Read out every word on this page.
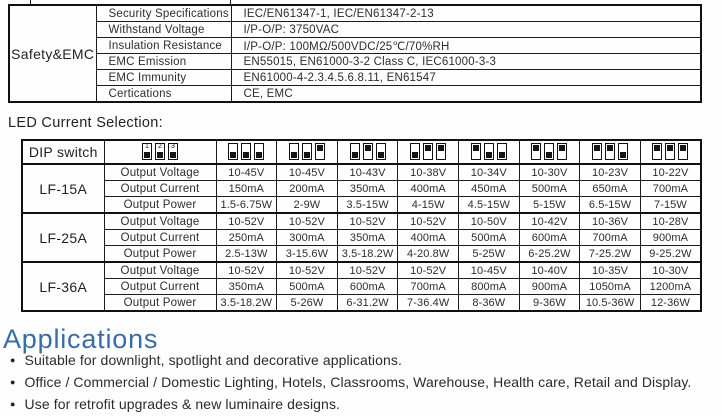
Safety&EMC	Security Specifications	IEC/EN61347-1, IEC/EN61347-2-13
	Withstand Voltage	I/P-O/P: 3750VAC
	Insulation Resistance	I/P-O/P: 100MΩ/500VDC/25℃/70%RH
	EMC Emission	EN55015, EN61000-3-2 Class C, IEC61000-3-3
	EMC Immunity	EN61000-4-2.3.4.5.6.8.11, EN61547
	Certications	CE, EMC
LED Current Selection:
DIP switch	1 2 3								

LF-15A	Output Voltage	10-45V	10-45V	10-43V	10-38V	10-34V	10-30V	10-23V	10-22V
	Output Current	150mA	200mA	350mA	400mA	450mA	500mA	650mA	700mA
	Output Power	1.5-6.75W	2-9W	3.5-15W	4-15W	4.5-15W	5-15W	6.5-15W	7-15W
LF-25A	Output Voltage	10-52V	10-52V	10-52V	10-52V	10-50V	10-42V	10-36V	10-28V
	Output Current	250mA	300mA	350mA	400mA	500mA	600mA	700mA	900mA
	Output Power	2.5-13W	3-15.6W	3.5-18.2W	4-20.8W	5-25W	6-25.2W	7-25.2W	9-25.2W
LF-36A	Output Voltage	10-52V	10-52V	10-52V	10-52V	10-45V	10-40V	10-35V	10-30V
	Output Current	350mA	500mA	600mA	700mA	800mA	900mA	1050mA	1200mA
	Output Power	3.5-18.2W	5-26W	6-31.2W	7-36.4W	8-36W	9-36W	10.5-36W	12-36W
Applications
● Suitable for downlight, spotlight and decorative applications.
● Office / Commercial / Domestic Lighting, Hotels, Classrooms, Warehouse, Health care, Retail and Display.
● Use for retrofit upgrades & new luminaire designs.
